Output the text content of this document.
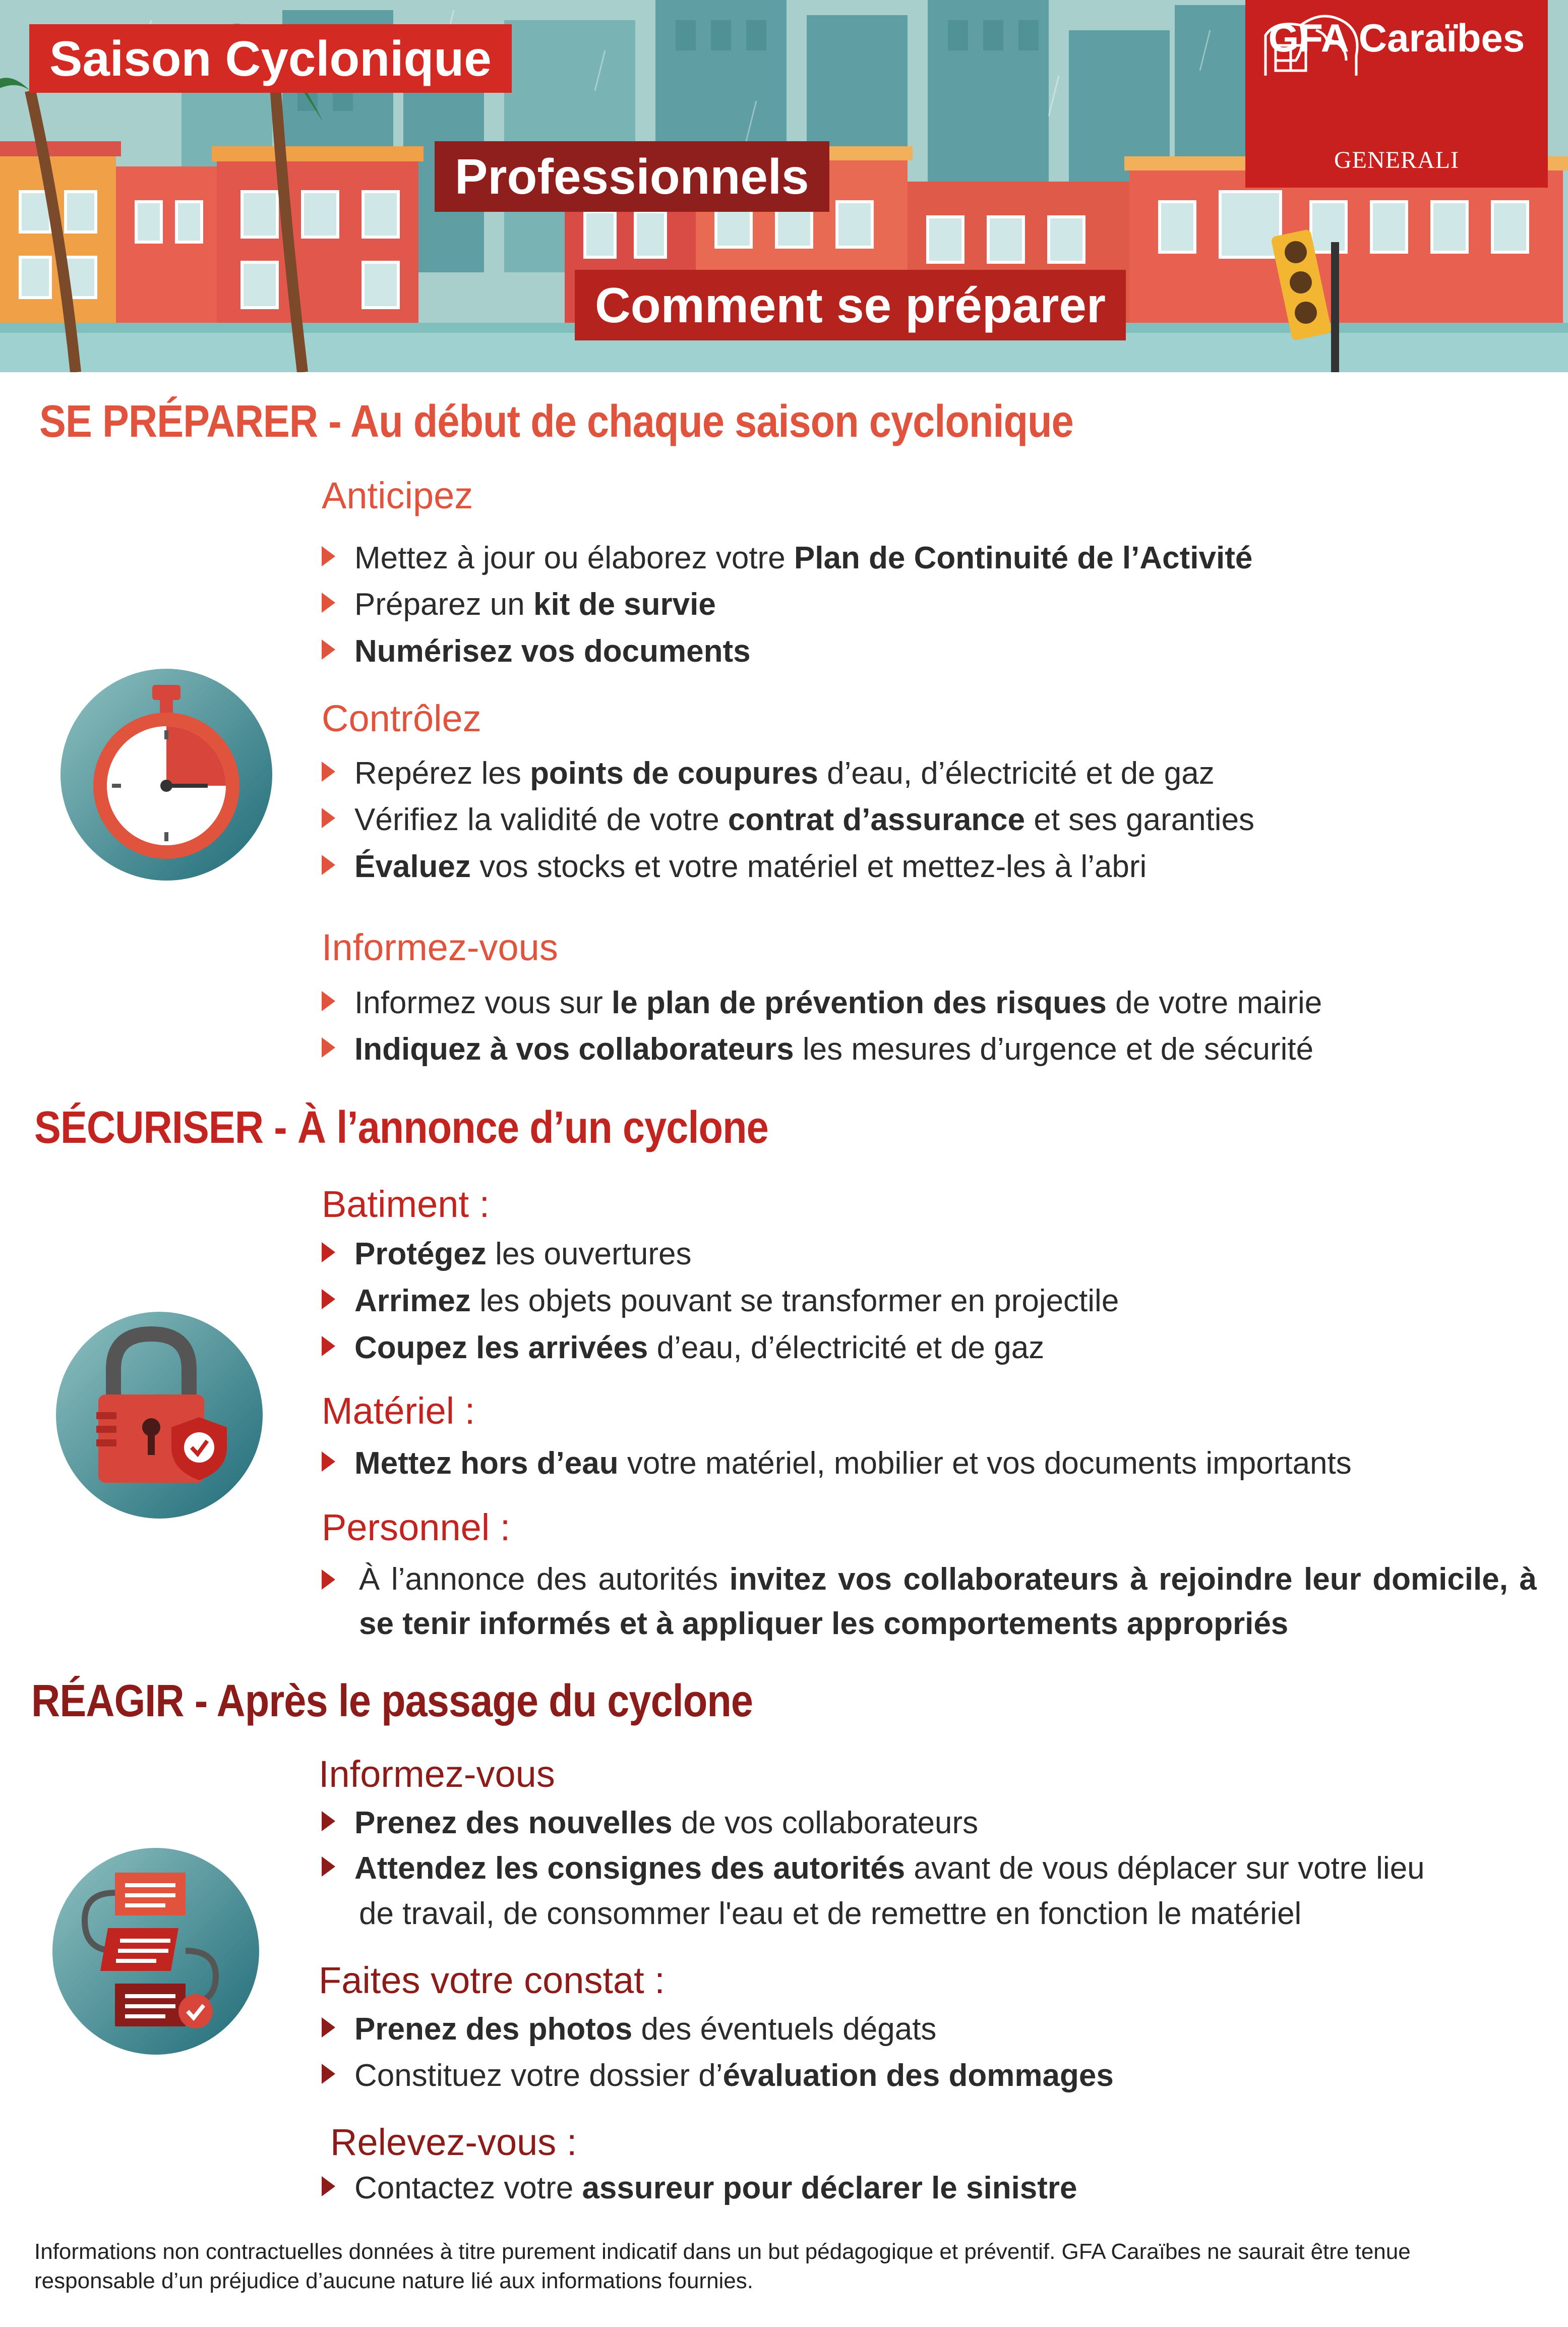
Saison Cyclonique
Professionnels
Comment se préparer
GFA Caraïbes
GENERALI
SE PRÉPARER - Au début de chaque saison cyclonique
Anticipez
Mettez à jour ou élaborez votre Plan de Continuité de l’Activité
Préparez un kit de survie
Numérisez vos documents
Contrôlez
Repérez les points de coupures d’eau, d’électricité et de gaz
Vérifiez la validité de votre contrat d’assurance et ses garanties
Évaluez vos stocks et votre matériel et mettez-les à l’abri
Informez-vous
Informez vous sur le plan de prévention des risques de votre mairie
Indiquez à vos collaborateurs les mesures d’urgence et de sécurité
SÉCURISER - À l’annonce d’un cyclone
Batiment :
Protégez les ouvertures
Arrimez les objets pouvant se transformer en projectile
Coupez les arrivées d’eau, d’électricité et de gaz
Matériel :
Mettez hors d’eau votre matériel, mobilier et vos documents importants
Personnel :
À l’annonce des autorités invitez vos collaborateurs à rejoindre leur domicile, à se tenir informés et à appliquer les comportements appropriés
RÉAGIR - Après le passage du cyclone
Informez-vous
Prenez des nouvelles de vos collaborateurs
Attendez les consignes des autorités avant de vous déplacer sur votre lieu
de travail, de consommer l'eau et de remettre en fonction le matériel
Faites votre constat :
Prenez des photos des éventuels dégats
Constituez votre dossier d’évaluation des dommages
Relevez-vous :
Contactez votre assureur pour déclarer le sinistre
Informations non contractuelles données à titre purement indicatif dans un but pédagogique et préventif. GFA Caraïbes ne saurait être tenue responsable d’un préjudice d’aucune nature lié aux informations fournies.
